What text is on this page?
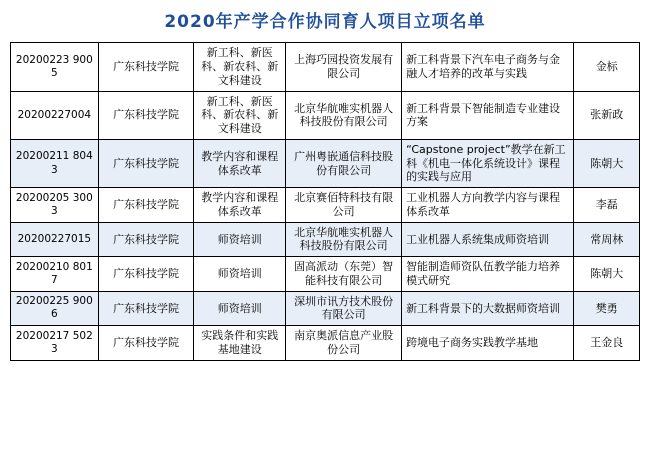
2020年产学合作协同育人项目立项名单
20200223 9005	广东科技学院	新工科、新医科、新农科、新文科建设	上海巧园投资发展有限公司	新工科背景下汽车电子商务与金融人才培养的改革与实践	金标
20200227004	广东科技学院	新工科、新医科、新农科、新文科建设	北京华航唯实机器人科技股份有限公司	新工科背景下智能制造专业建设方案	张新政
20200211 8043	广东科技学院	教学内容和课程体系改革	广州粤嵌通信科技股份有限公司	“Capstone project”教学在新工科《机电一体化系统设计》课程的实践与应用	陈朝大
20200205 3003	广东科技学院	教学内容和课程体系改革	北京赛佰特科技有限公司	工业机器人方向教学内容与课程体系改革	李磊
20200227015	广东科技学院	师资培训	北京华航唯实机器人科技股份有限公司	工业机器人系统集成师资培训	常周林
20200210 8017	广东科技学院	师资培训	固高派动（东莞）智能科技有限公司	智能制造师资队伍教学能力培养模式研究	陈朝大
20200225 9006	广东科技学院	师资培训	深圳市讯方技术股份有限公司	新工科背景下的大数据师资培训	樊勇
20200217 5023	广东科技学院	实践条件和实践基地建设	南京奥派信息产业股份公司	跨境电子商务实践教学基地	王金良
